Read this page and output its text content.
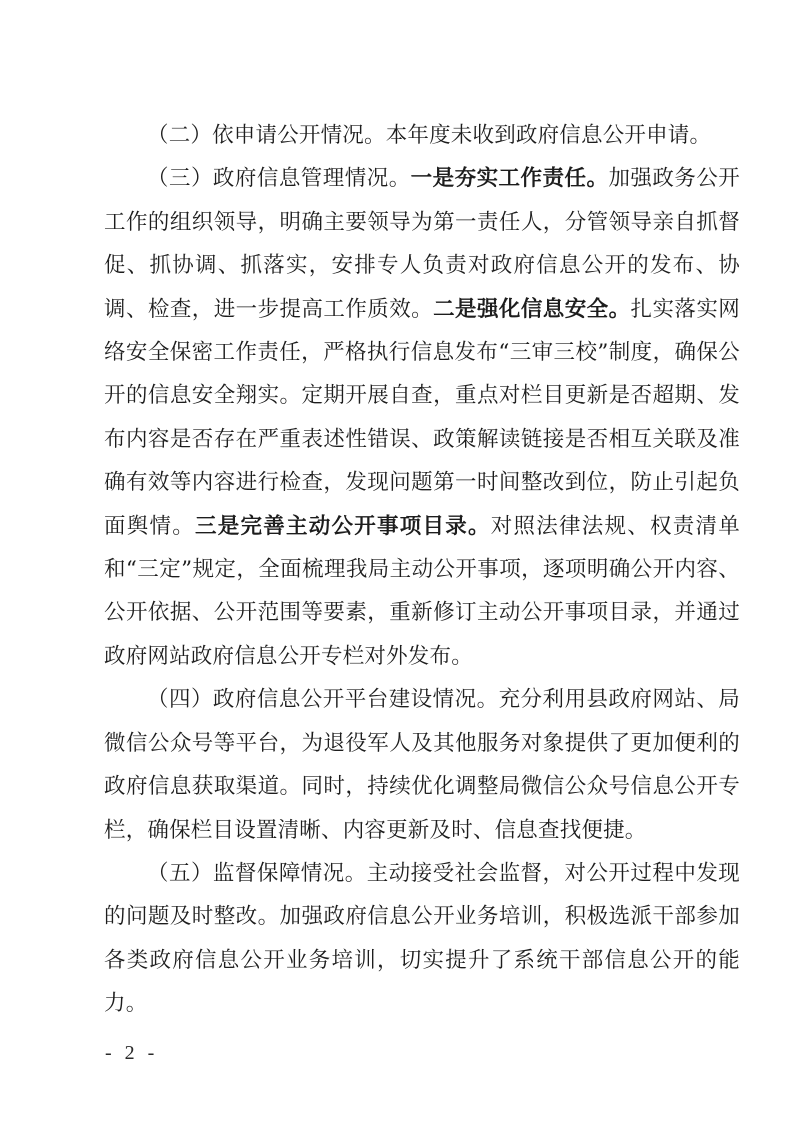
（二）依申请公开情况。本年度未收到政府信息公开申请。

（三）政府信息管理情况。一是夯实工作责任。加强政务公开工作的组织领导，明确主要领导为第一责任人，分管领导亲自抓督促、抓协调、抓落实，安排专人负责对政府信息公开的发布、协调、检查，进一步提高工作质效。二是强化信息安全。扎实落实网络安全保密工作责任，严格执行信息发布“三审三校”制度，确保公开的信息安全翔实。定期开展自查，重点对栏目更新是否超期、发布内容是否存在严重表述性错误、政策解读链接是否相互关联及准确有效等内容进行检查，发现问题第一时间整改到位，防止引起负面舆情。三是完善主动公开事项目录。对照法律法规、权责清单和“三定”规定，全面梳理我局主动公开事项，逐项明确公开内容、公开依据、公开范围等要素，重新修订主动公开事项目录，并通过政府网站政府信息公开专栏对外发布。

（四）政府信息公开平台建设情况。充分利用县政府网站、局微信公众号等平台，为退役军人及其他服务对象提供了更加便利的政府信息获取渠道。同时，持续优化调整局微信公众号信息公开专栏，确保栏目设置清晰、内容更新及时、信息查找便捷。

（五）监督保障情况。主动接受社会监督，对公开过程中发现的问题及时整改。加强政府信息公开业务培训，积极选派干部参加各类政府信息公开业务培训，切实提升了系统干部信息公开的能力。

- 2 -
